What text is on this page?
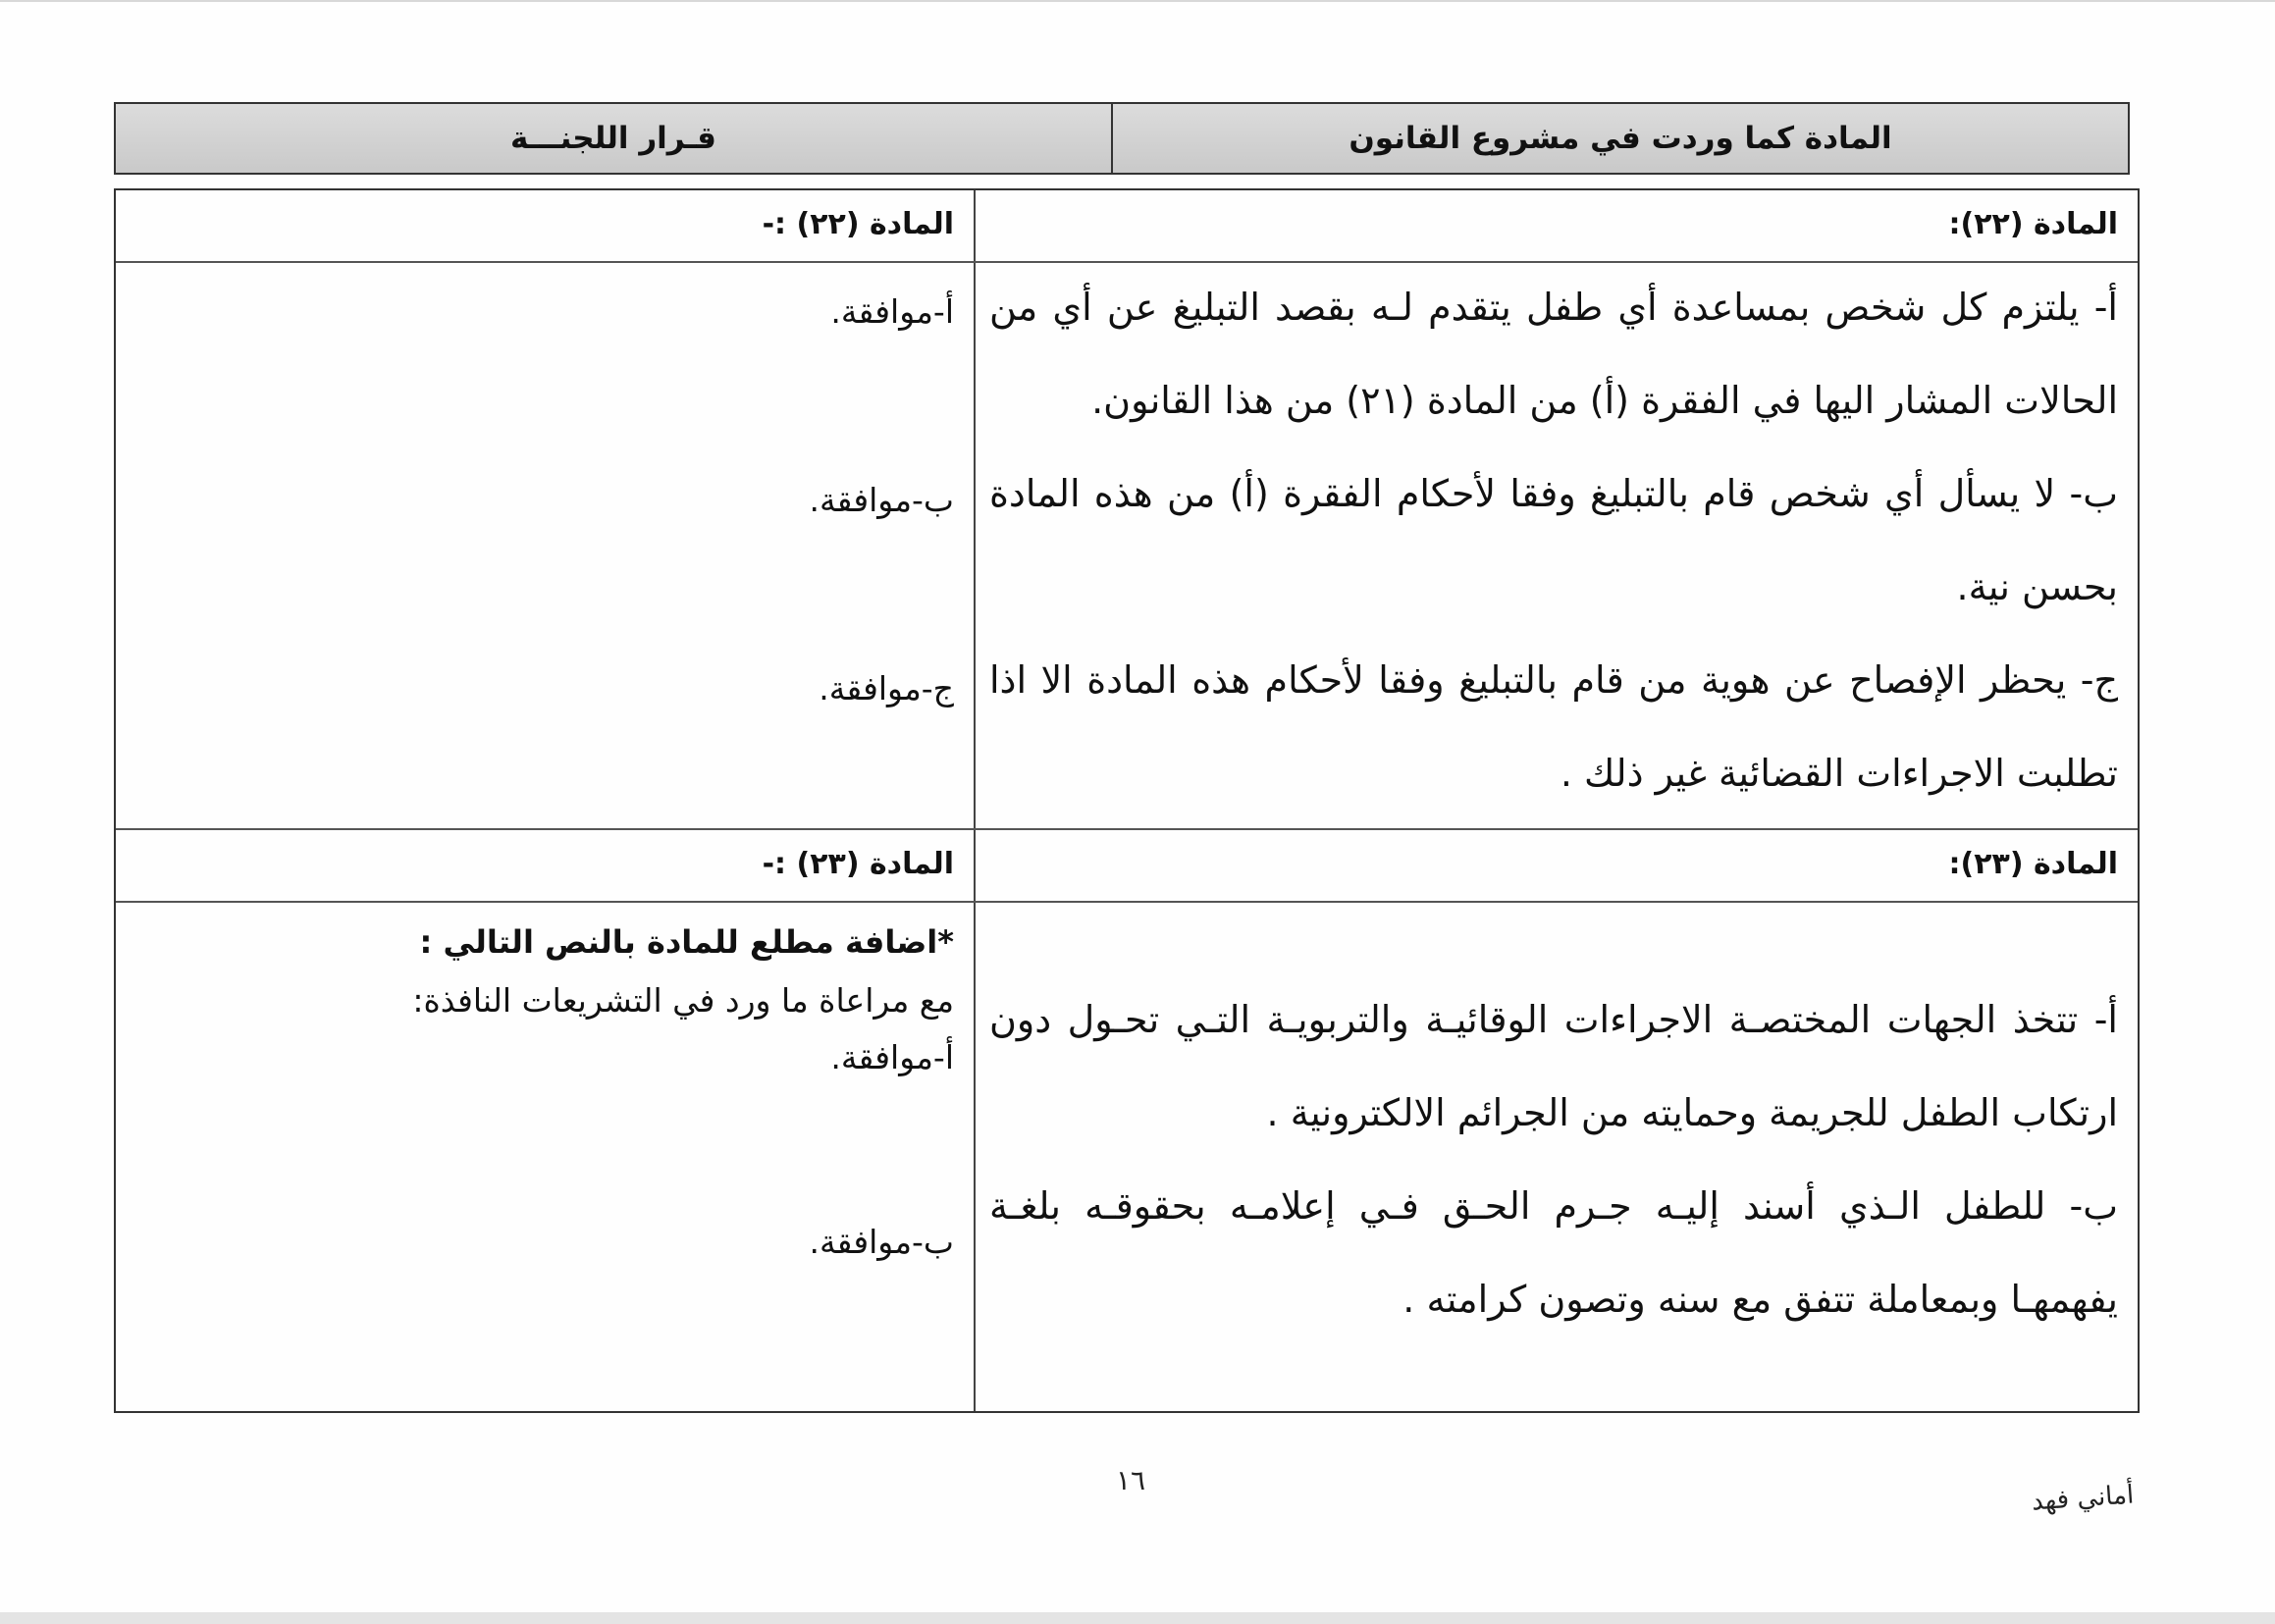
المادة كما وردت في مشروع القانون
قـرار اللجنـــة
المادة (٢٢):
المادة (٢٢) :-

أ- يلتزم كل شخص بمساعدة أي طفل يتقدم لـه بقصد التبليغ عن أي من الحالات المشار اليها في الفقرة (أ) من المادة (٢١) من هذا القانون.

ب- لا يسأل أي شخص قام بالتبليغ وفقا لأحكام الفقرة (أ) من هذه المادة بحسن نية.

ج- يحظر الإفصاح عن هوية من قام بالتبليغ وفقا لأحكام هذه المادة الا اذا تطلبت الاجراءات القضائية غير ذلك .

أ-موافقة.

ب-موافقة.

ج-موافقة.

المادة (٢٣):
المادة (٢٣) :-

أ- تتخذ الجهات المختصـة الاجراءات الوقائيـة والتربويـة التـي تحـول دون ارتكاب الطفل للجريمة وحمايته من الجرائم الالكترونية .

ب- للطفل الـذي أسند إليـه جـرم الحـق فـي إعلامـه بحقوقـه بلغـة يفهمهـا وبمعاملة تتفق مع سنه وتصون كرامته .

*اضافة مطلع للمادة بالنص التالي :

مع مراعاة ما ورد في التشريعات النافذة:

أ-موافقة.

ب-موافقة.

١٦	أماني فهد
